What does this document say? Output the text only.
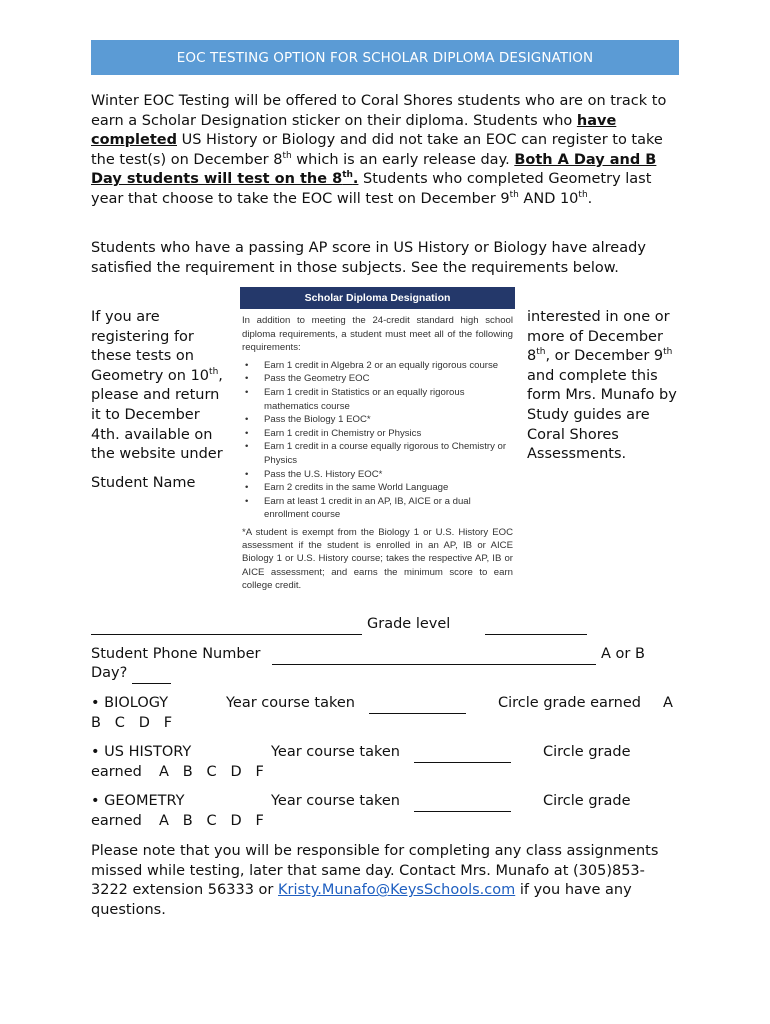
EOC TESTING OPTION FOR SCHOLAR DIPLOMA DESIGNATION
Winter EOC Testing will be offered to Coral Shores students who are on track to earn a Scholar Designation sticker on their diploma. Students who have completed US History or Biology and did not take an EOC can register to take the test(s) on December 8th which is an early release day. Both A Day and B Day students will test on the 8th. Students who completed Geometry last year that choose to take the EOC will test on December 9th AND 10th.
Students who have a passing AP score in US History or Biology have already satisfied the requirement in those subjects. See the requirements below.
If you are registering for these tests on Geometry on 10th, please and return it to December 4th. available on the website under
Student Name
Scholar Diploma Designation
In addition to meeting the 24-credit standard high school diploma requirements, a student must meet all of the following requirements:
• Earn 1 credit in Algebra 2 or an equally rigorous course
• Pass the Geometry EOC
• Earn 1 credit in Statistics or an equally rigorous mathematics course
• Pass the Biology 1 EOC*
• Earn 1 credit in Chemistry or Physics
• Earn 1 credit in a course equally rigorous to Chemistry or Physics
• Pass the U.S. History EOC*
• Earn 2 credits in the same World Language
• Earn at least 1 credit in an AP, IB, AICE or a dual enrollment course
*A student is exempt from the Biology 1 or U.S. History EOC assessment if the student is enrolled in an AP, IB or AICE Biology 1 or U.S. History course; takes the respective AP, IB or AICE assessment; and earns the minimum score to earn college credit.
interested in one or more of December 8th, or December 9th and complete this form Mrs. Munafo by Study guides are Coral Shores Assessments.
Grade level
Student Phone Number	A or B
Day?
• BIOLOGY	Year course taken	Circle grade earned A
B   C   D   F
• US HISTORY	Year course taken	Circle grade
earned A   B   C   D   F
• GEOMETRY	Year course taken	Circle grade
earned A   B   C   D   F
Please note that you will be responsible for completing any class assignments missed while testing, later that same day. Contact Mrs. Munafo at (305)853-3222 extension 56333 or Kristy.Munafo@KeysSchools.com if you have any questions.
